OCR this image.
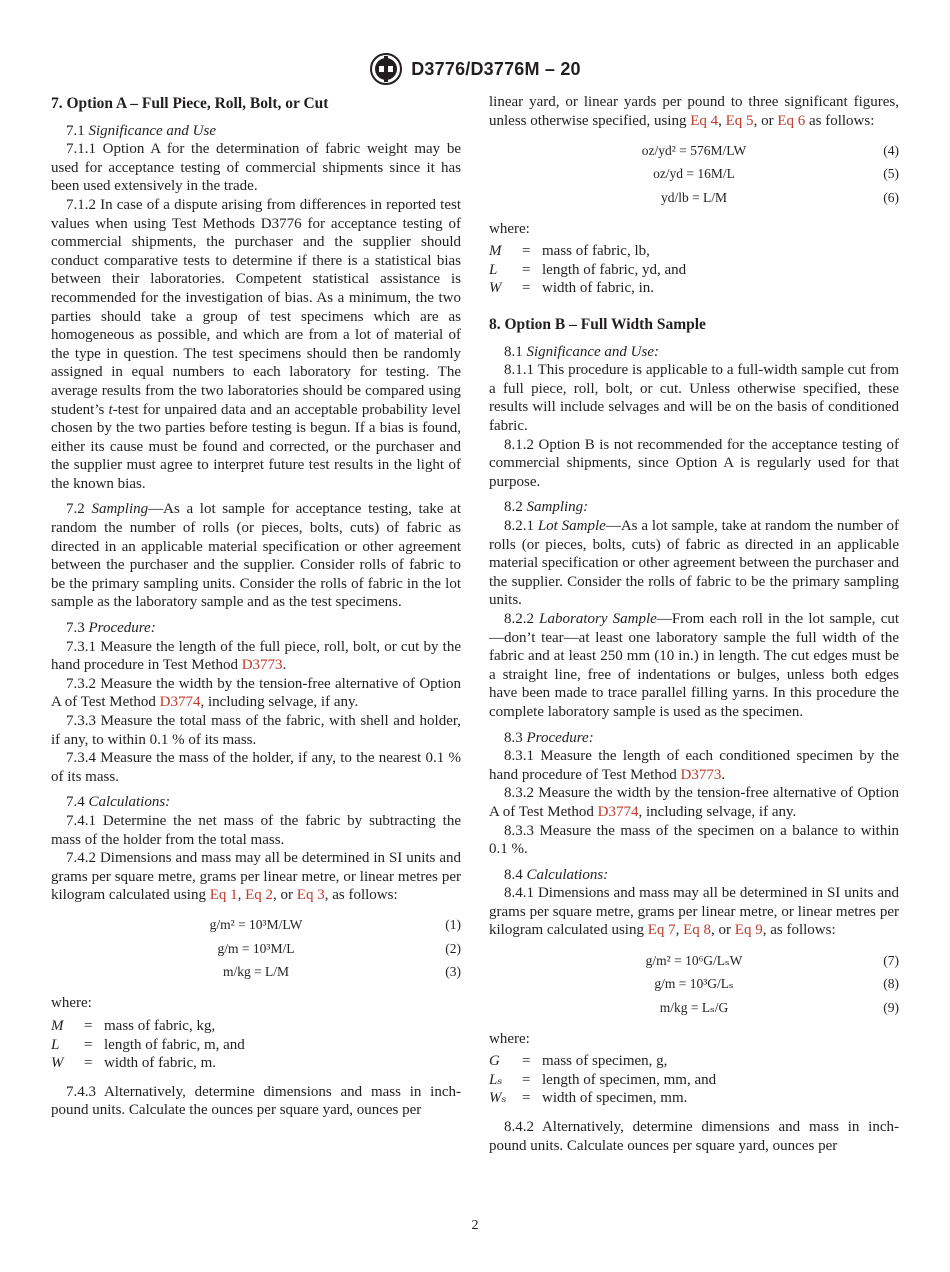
D3776/D3776M – 20
7. Option A – Full Piece, Roll, Bolt, or Cut
7.1 Significance and Use
7.1.1 Option A for the determination of fabric weight may be used for acceptance testing of commercial shipments since it has been used extensively in the trade.
7.1.2 In case of a dispute arising from differences in reported test values when using Test Methods D3776 for acceptance testing of commercial shipments, the purchaser and the supplier should conduct comparative tests to determine if there is a statistical bias between their laboratories. Competent statistical assistance is recommended for the investigation of bias. As a minimum, the two parties should take a group of test specimens which are as homogeneous as possible, and which are from a lot of material of the type in question. The test specimens should then be randomly assigned in equal numbers to each laboratory for testing. The average results from the two laboratories should be compared using student’s t-test for unpaired data and an acceptable probability level chosen by the two parties before testing is begun. If a bias is found, either its cause must be found and corrected, or the purchaser and the supplier must agree to interpret future test results in the light of the known bias.
7.2 Sampling—As a lot sample for acceptance testing, take at random the number of rolls (or pieces, bolts, cuts) of fabric as directed in an applicable material specification or other agreement between the purchaser and the supplier. Consider rolls of fabric to be the primary sampling units. Consider the rolls of fabric in the lot sample as the laboratory sample and as the test specimens.
7.3 Procedure:
7.3.1 Measure the length of the full piece, roll, bolt, or cut by the hand procedure in Test Method D3773.
7.3.2 Measure the width by the tension-free alternative of Option A of Test Method D3774, including selvage, if any.
7.3.3 Measure the total mass of the fabric, with shell and holder, if any, to within 0.1 % of its mass.
7.3.4 Measure the mass of the holder, if any, to the nearest 0.1 % of its mass.
7.4 Calculations:
7.4.1 Determine the net mass of the fabric by subtracting the mass of the holder from the total mass.
7.4.2 Dimensions and mass may all be determined in SI units and grams per square metre, grams per linear metre, or linear metres per kilogram calculated using Eq 1, Eq 2, or Eq 3, as follows:
g/m² = 10³M/LW	(1)
g/m = 10³M/L	(2)
m/kg = L/M	(3)
where:
M	= mass of fabric, kg,
L	= length of fabric, m, and
W	= width of fabric, m.
7.4.3 Alternatively, determine dimensions and mass in inch-pound units. Calculate the ounces per square yard, ounces per
linear yard, or linear yards per pound to three significant figures, unless otherwise specified, using Eq 4, Eq 5, or Eq 6 as follows:
oz/yd² = 576M/LW	(4)
oz/yd = 16M/L	(5)
yd/lb = L/M	(6)
where:
M	= mass of fabric, lb,
L	= length of fabric, yd, and
W	= width of fabric, in.
8. Option B – Full Width Sample
8.1 Significance and Use:
8.1.1 This procedure is applicable to a full-width sample cut from a full piece, roll, bolt, or cut. Unless otherwise specified, these results will include selvages and will be on the basis of conditioned fabric.
8.1.2 Option B is not recommended for the acceptance testing of commercial shipments, since Option A is regularly used for that purpose.
8.2 Sampling:
8.2.1 Lot Sample—As a lot sample, take at random the number of rolls (or pieces, bolts, cuts) of fabric as directed in an applicable material specification or other agreement between the purchaser and the supplier. Consider the rolls of fabric to be the primary sampling units.
8.2.2 Laboratory Sample—From each roll in the lot sample, cut—don’t tear—at least one laboratory sample the full width of the fabric and at least 250 mm (10 in.) in length. The cut edges must be a straight line, free of indentations or bulges, unless both edges have been made to trace parallel filling yarns. In this procedure the complete laboratory sample is used as the specimen.
8.3 Procedure:
8.3.1 Measure the length of each conditioned specimen by the hand procedure of Test Method D3773.
8.3.2 Measure the width by the tension-free alternative of Option A of Test Method D3774, including selvage, if any.
8.3.3 Measure the mass of the specimen on a balance to within 0.1 %.
8.4 Calculations:
8.4.1 Dimensions and mass may all be determined in SI units and grams per square metre, grams per linear metre, or linear metres per kilogram calculated using Eq 7, Eq 8, or Eq 9, as follows:
g/m² = 10⁶G/LₛW	(7)
g/m = 10³G/Lₛ	(8)
m/kg = Lₛ/G	(9)
where:
G	= mass of specimen, g,
Lₛ	= length of specimen, mm, and
Wₛ	= width of specimen, mm.
8.4.2 Alternatively, determine dimensions and mass in inch-pound units. Calculate ounces per square yard, ounces per
2
